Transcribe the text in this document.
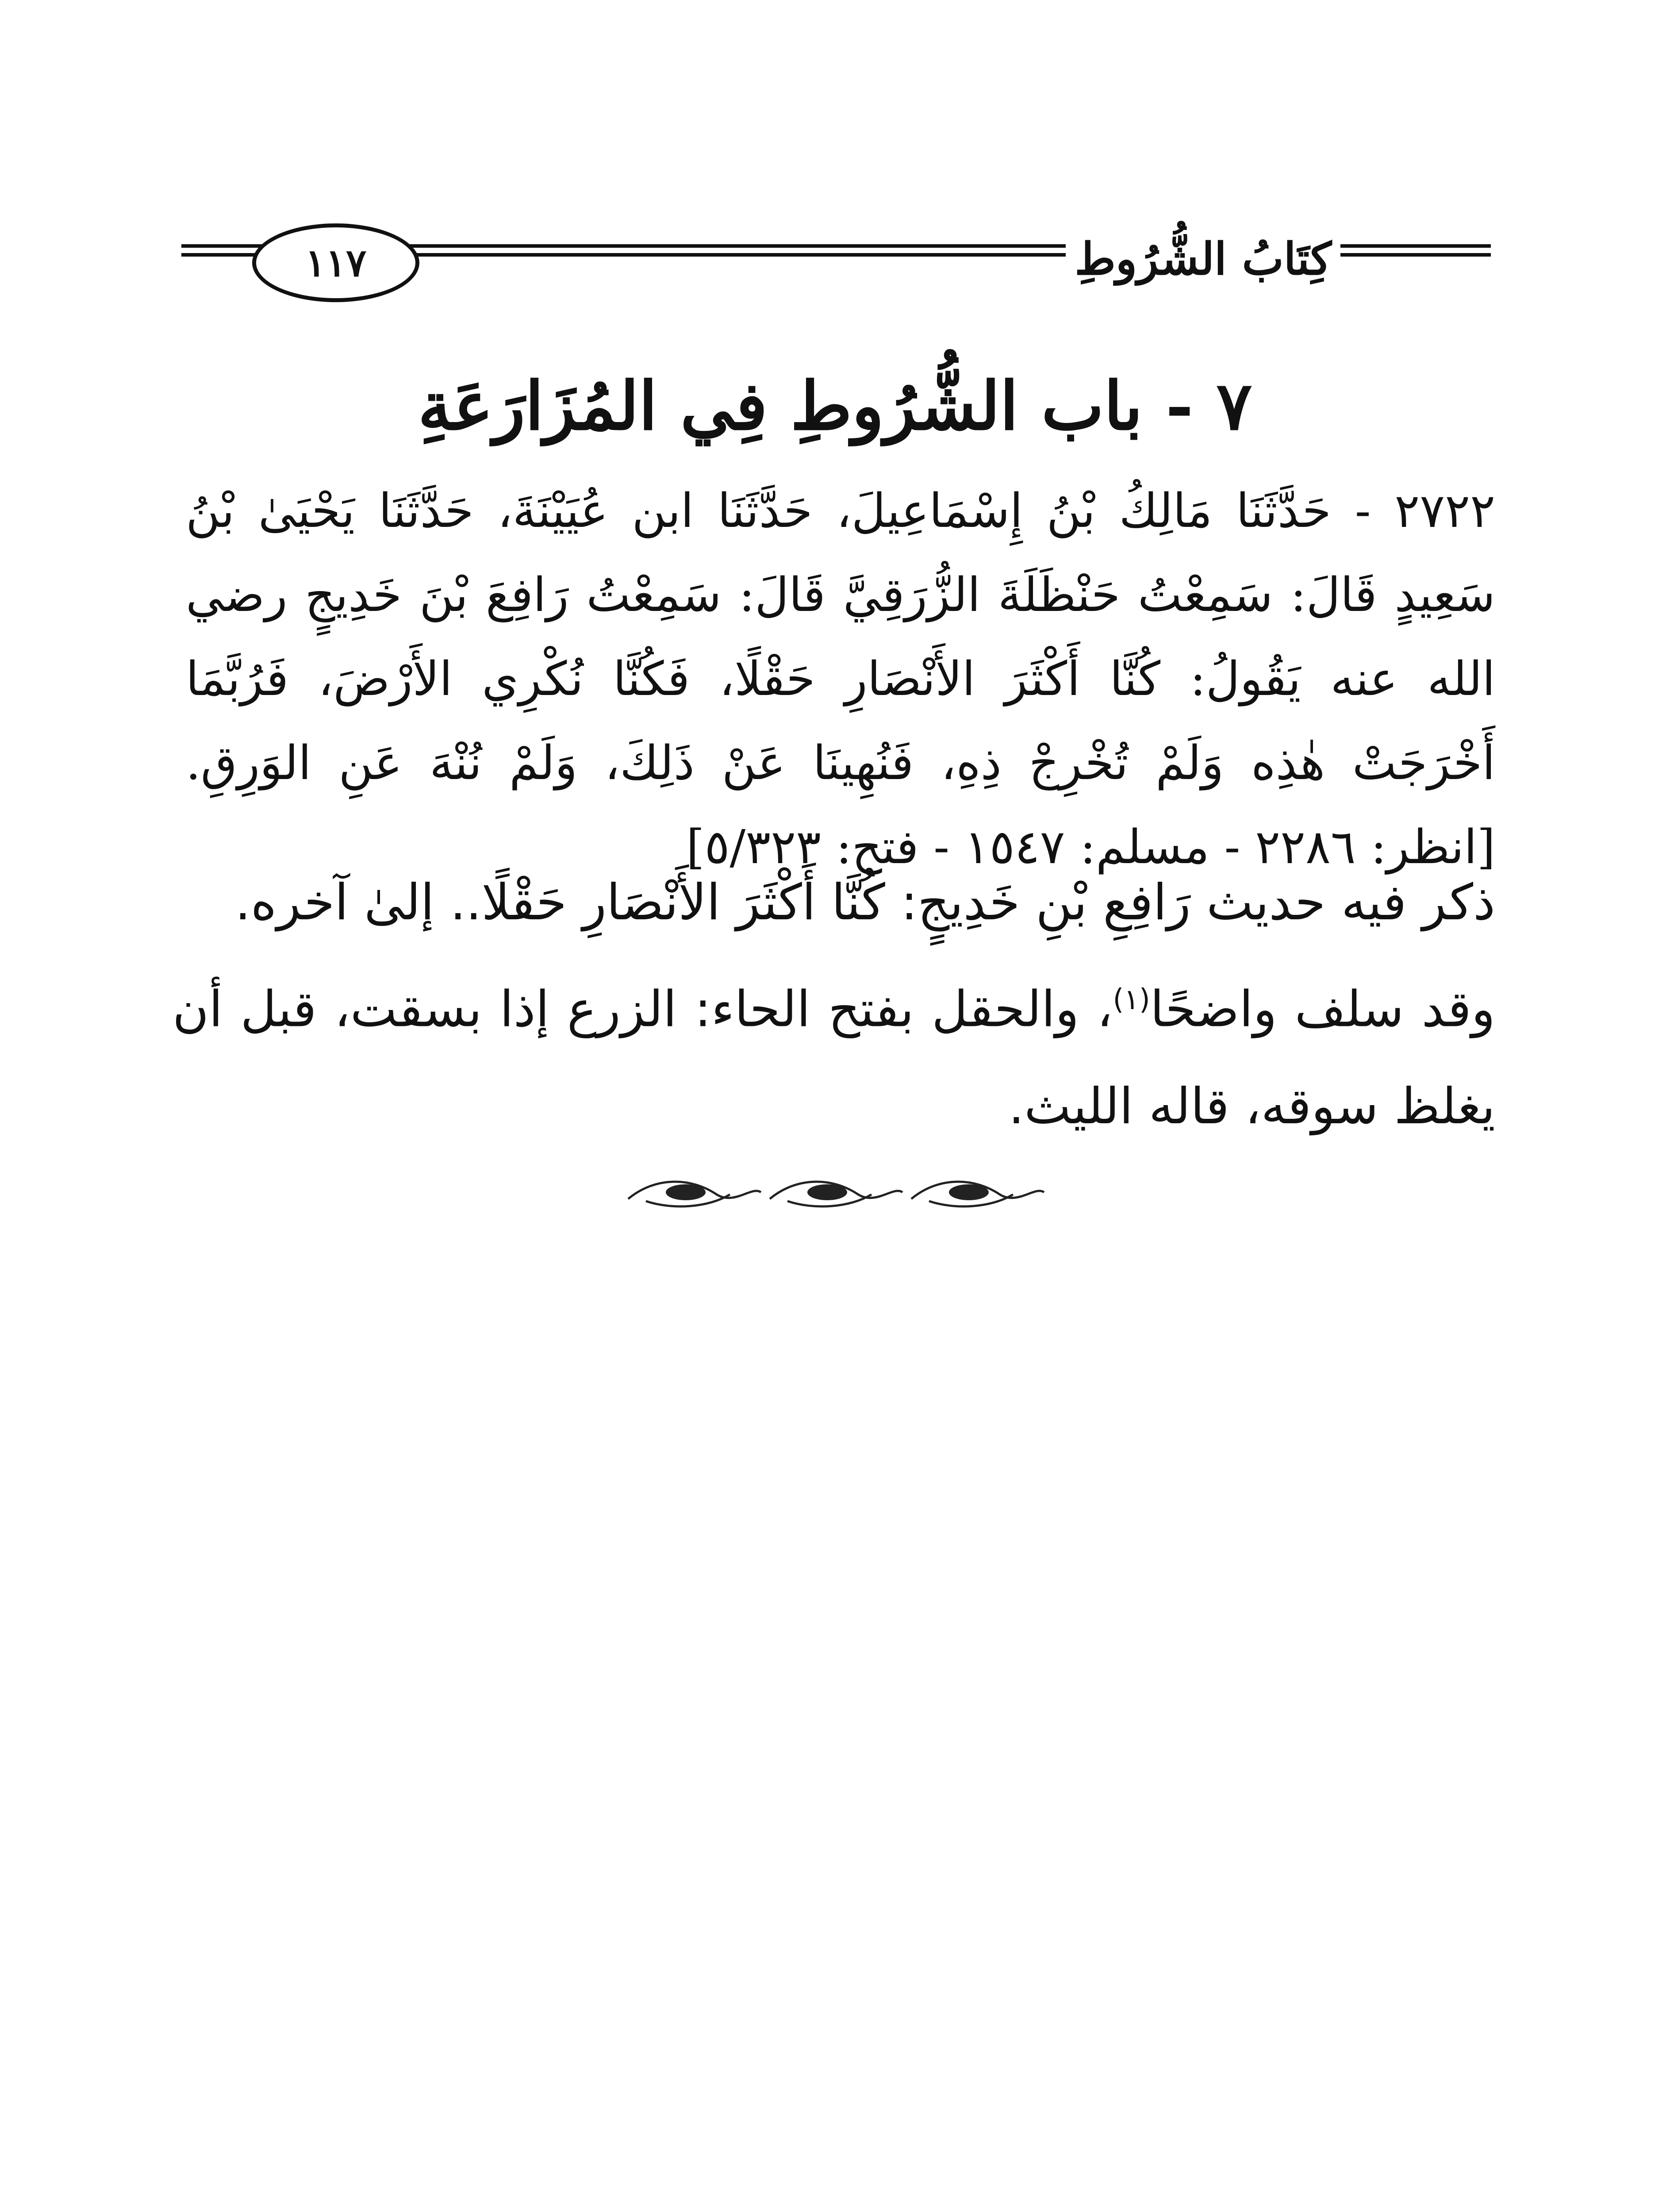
١١٧	كِتَابُ الشُّرُوطِ
٧ - باب الشُّرُوطِ فِي المُزَارَعَةِ

٢٧٢٢ - حَدَّثَنَا مَالِكُ بْنُ إِسْمَاعِيلَ، حَدَّثَنَا ابن عُيَيْنَةَ، حَدَّثَنَا يَحْيَىٰ بْنُ سَعِيدٍ قَالَ: سَمِعْتُ حَنْظَلَةَ الزُّرَقِيَّ قَالَ: سَمِعْتُ رَافِعَ بْنَ خَدِيجٍ رضي الله عنه يَقُولُ: كُنَّا أَكْثَرَ الأَنْصَارِ حَقْلًا، فَكُنَّا نُكْرِي الأَرْضَ، فَرُبَّمَا أَخْرَجَتْ هٰذِه وَلَمْ تُخْرِجْ ذِهِ، فَنُهِينَا عَنْ ذَلِكَ، وَلَمْ نُنْهَ عَنِ الوَرِقِ. [انظر: ٢٢٨٦ - مسلم: ١٥٤٧ - فتح: ٥/٣٢٣]

ذكر فيه حديث رَافِعِ بْنِ خَدِيجٍ: كُنَّا أَكْثَرَ الأَنْصَارِ حَقْلًا.. إلىٰ آخره.

وقد سلف واضحًا$^{(١)}$، والحقل بفتح الحاء: الزرع إذا بسقت، قبل أن يغلظ سوقه، قاله الليث.
